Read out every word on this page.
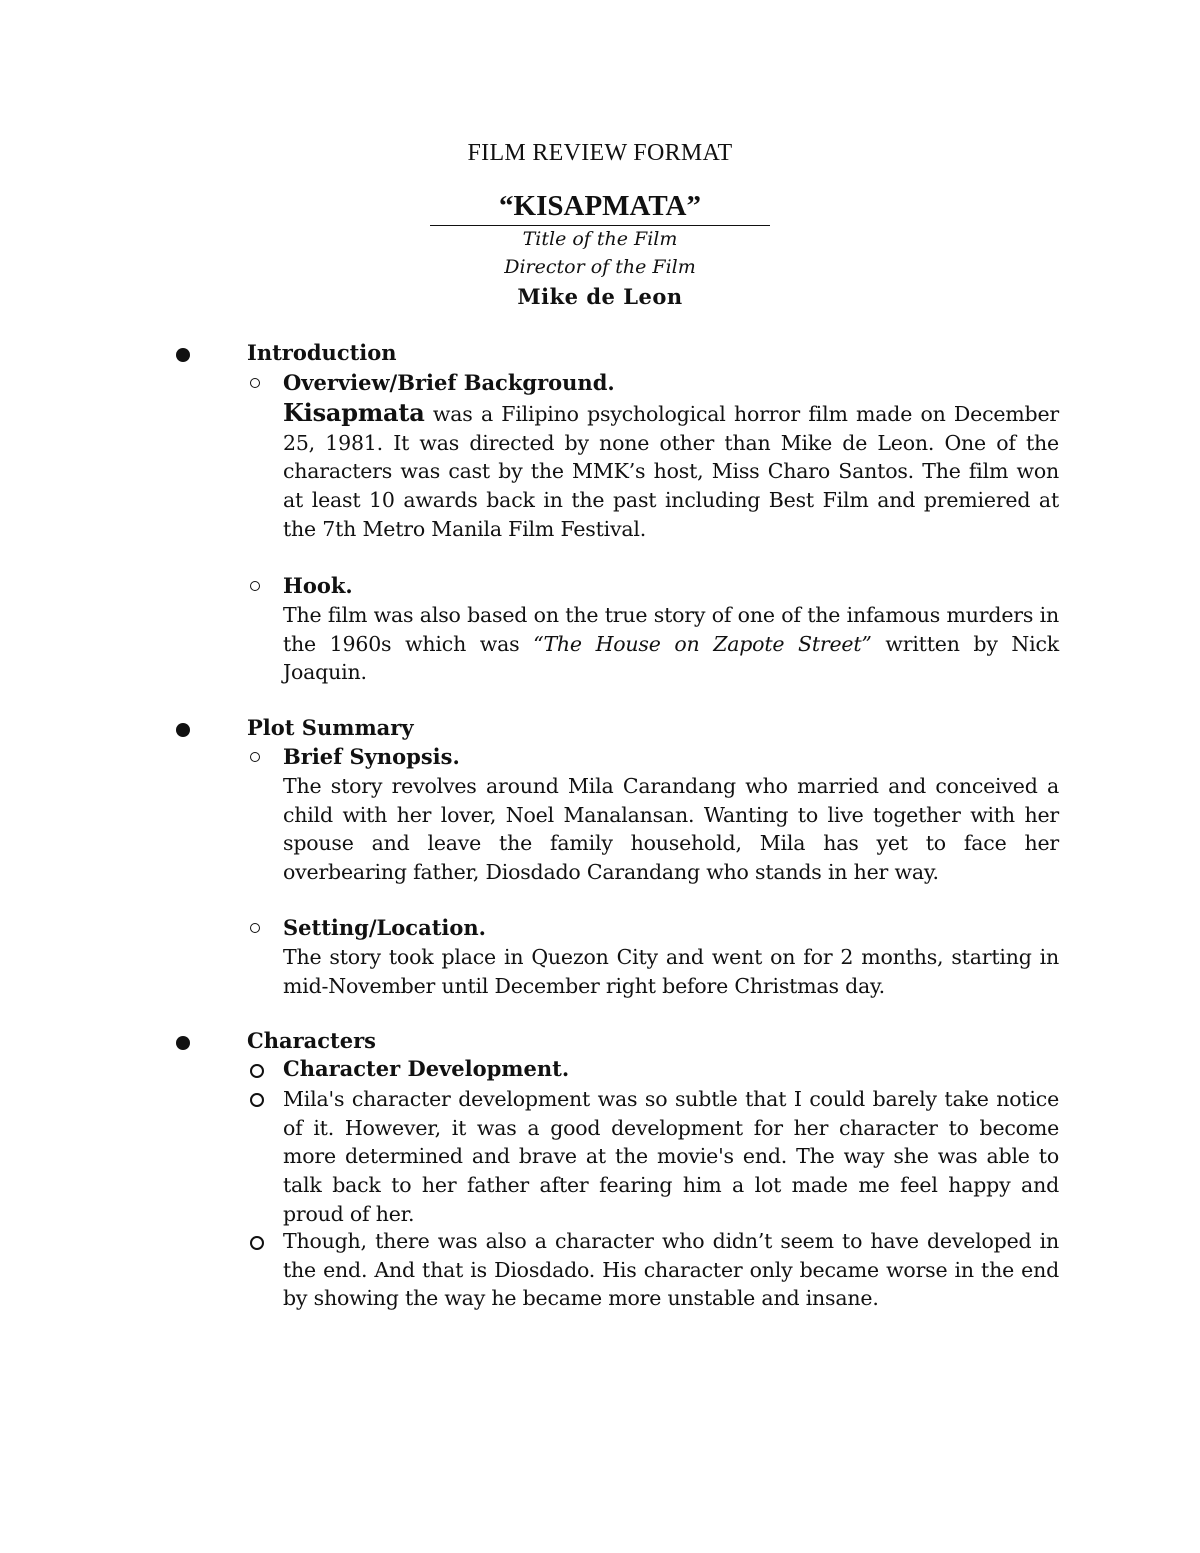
FILM REVIEW FORMAT
“KISAPMATA”
Title of the Film
Director of the Film
Mike de Leon
Introduction
Overview/Brief Background.
Kisapmata was a Filipino psychological horror film made on December 25, 1981. It was directed by none other than Mike de Leon. One of the characters was cast by the MMK’s host, Miss Charo Santos. The film won at least 10 awards back in the past including Best Film and premiered at the 7th Metro Manila Film Festival.
Hook.
The film was also based on the true story of one of the infamous murders in the 1960s which was “The House on Zapote Street” written by Nick Joaquin.
Plot Summary
Brief Synopsis.
The story revolves around Mila Carandang who married and conceived a child with her lover, Noel Manalansan. Wanting to live together with her spouse and leave the family household, Mila has yet to face her overbearing father, Diosdado Carandang who stands in her way.
Setting/Location.
The story took place in Quezon City and went on for 2 months, starting in mid-November until December right before Christmas day.
Characters
Character Development.
Mila's character development was so subtle that I could barely take notice of it. However, it was a good development for her character to become more determined and brave at the movie's end. The way she was able to talk back to her father after fearing him a lot made me feel happy and proud of her.
Though, there was also a character who didn’t seem to have developed in the end. And that is Diosdado. His character only became worse in the end by showing the way he became more unstable and insane.
